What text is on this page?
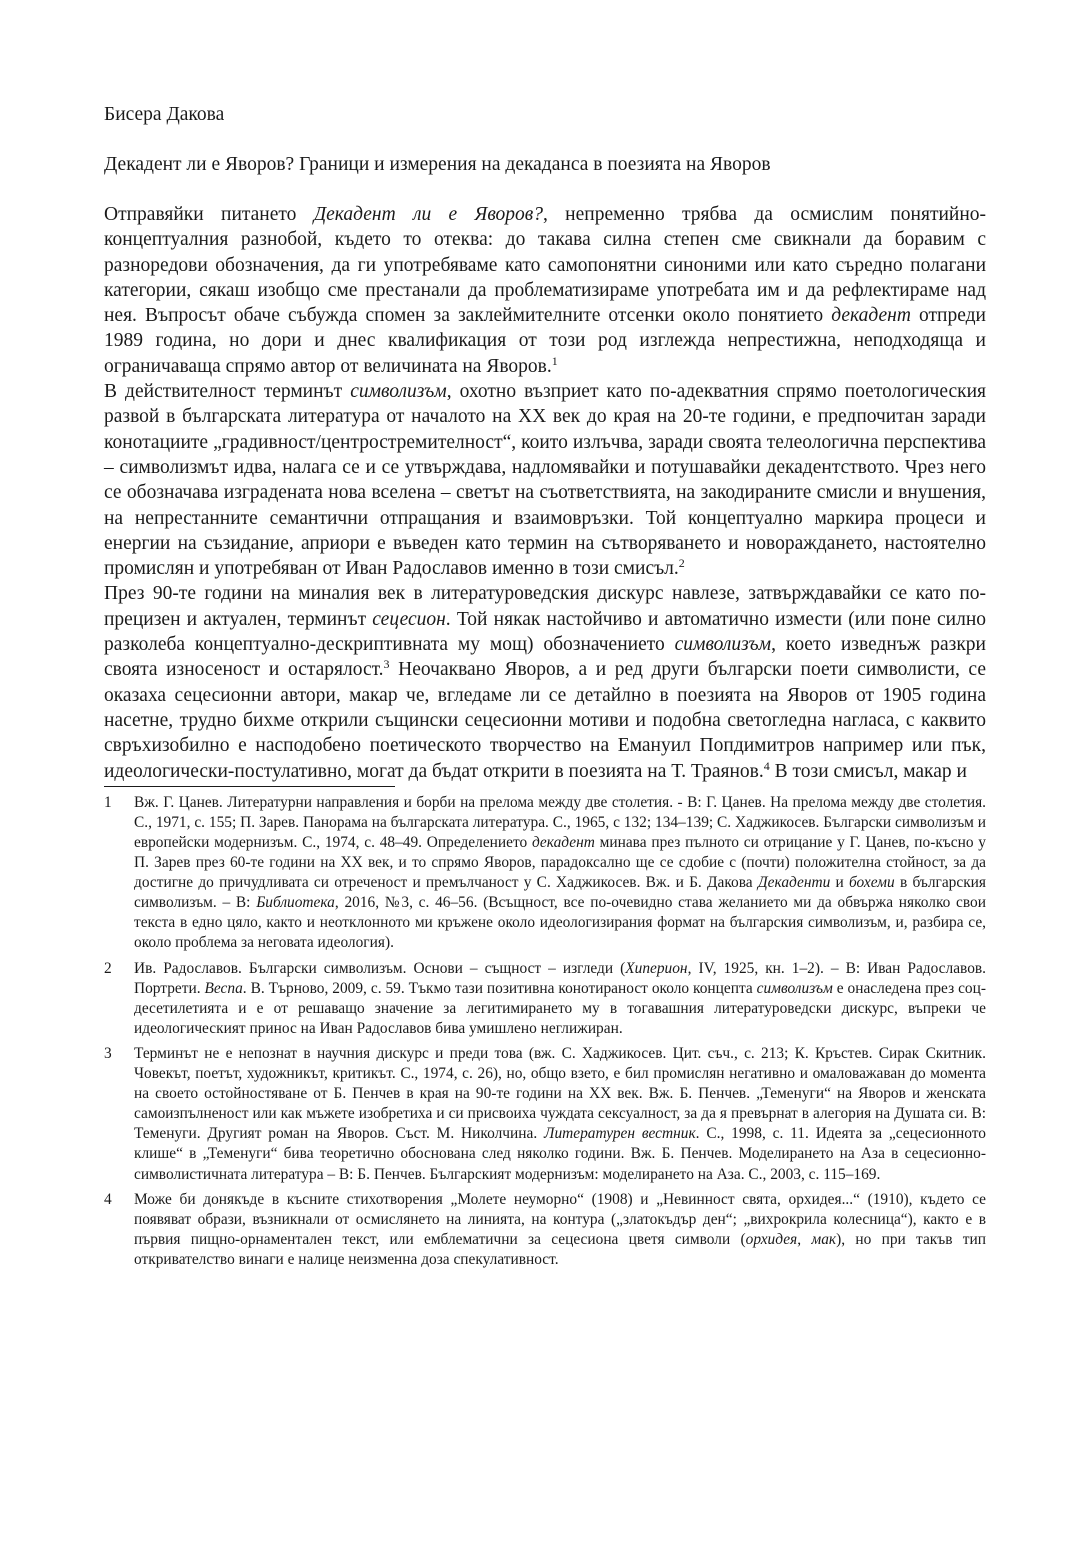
Бисера Дакова
Декадент ли е Яворов? Граници и измерения на декаданса в поезията на Яворов

Отправяйки питането Декадент ли е Яворов?, непременно трябва да осмислим понятийно-концептуалния разнобой, където то отеква: до такава силна степен сме свикнали да боравим с разноредови обозначения, да ги употребяваме като самопонятни синоними или като съредно полагани категории, сякаш изобщо сме престанали да проблематизираме употребата им и да рефлектираме над нея. Въпросът обаче събужда спомен за заклеймителните отсенки около понятието декадент отпреди 1989 година, но дори и днес квалификация от този род изглежда непрестижна, неподходяща и ограничаваща спрямо автор от величината на Яворов.$^1$

В действителност терминът символизъм, охотно възприет като по-адекватния спрямо поетологическия развой в българската литература от началото на XX век до края на 20-те години, е предпочитан заради конотациите „градивност/центростремителност“, които излъчва, заради своята телеологична перспектива – символизмът идва, налага се и се утвърждава, надломявайки и потушавайки декадентството. Чрез него се обозначава изградената нова вселена – светът на съответствията, на закодираните смисли и внушения, на непрестанните семантични отпращания и взаимовръзки. Той концептуално маркира процеси и енергии на съзидание, априори е въведен като термин на сътворяването и новораждането, настоятелно промислян и употребяван от Иван Радославов именно в този смисъл.$^2$

През 90-те години на миналия век в литературоведския дискурс навлезе, затвърждавайки се като по-прецизен и актуален, терминът сецесион. Той някак настойчиво и автоматично измести (или поне силно разколеба концептуално-дескриптивната му мощ) обозначението символизъм, което изведнъж разкри своята износеност и остарялост.$^3$ Неочаквано Яворов, а и ред други български поети символисти, се оказаха сецесионни автори, макар че, вгледаме ли се детайлно в поезията на Яворов от 1905 година насетне, трудно бихме открили същински сецесионни мотиви и подобна светогледна нагласа, с каквито свръхизобилно е насподобено поетическото творчество на Емануил Попдимитров например или пък, идеологически-постулативно, могат да бъдат открити в поезията на Т. Траянов.$^4$ В този смисъл, макар и

1	Вж. Г. Цанев. Литературни направления и борби на прелома между две столетия. - В: Г. Цанев. На прелома между две столетия. С., 1971, с. 155; П. Зарев. Панорама на българската литература. С., 1965, с 132; 134–139; С. Хаджикосев. Български символизъм и европейски модернизъм. С., 1974, с. 48–49. Определението декадент минава през пълното си отрицание у Г. Цанев, по-късно у П. Зарев през 60-те години на XX век, и то спрямо Яворов, парадоксално ще се сдобие с (почти) положителна стойност, за да достигне до причудливата си отреченост и премълчаност у С. Хаджикосев. Вж. и Б. Дакова Декаденти и бохеми в българския символизъм. – В: Библиотека, 2016, №3, с. 46–56. (Всъщност, все по-очевидно става желанието ми да обвържа няколко свои текста в едно цяло, както и неотклонното ми кръжене около идеологизирания формат на българския символизъм, и, разбира се, около проблема за неговата идеология).
2	Ив. Радославов. Български символизъм. Основи – същност – изгледи (Хиперион, IV, 1925, кн. 1–2). – В: Иван Радославов. Портрети. Веспа. В. Търново, 2009, с. 59. Тъкмо тази позитивна конотираност около концепта символизъм е онаследена през соц-десетилетията и е от решаващо значение за легитимирането му в тогавашния литературоведски дискурс, въпреки че идеологическият принос на Иван Радославов бива умишлено неглижиран.
3	Терминът не е непознат в научния дискурс и преди това (вж. С. Хаджикосев. Цит. съч., с. 213; К. Кръстев. Сирак Скитник. Човекът, поетът, художникът, критикът. С., 1974, с. 26), но, общо взето, е бил промислян негативно и омаловажаван до момента на своето остойностяване от Б. Пенчев в края на 90-те години на XX век. Вж. Б. Пенчев. „Теменуги“ на Яворов и женската самоизпълненост или как мъжете изобретиха и си присвоиха чуждата сексуалност, за да я превърнат в алегория на Душата си. В: Теменуги. Другият роман на Яворов. Съст. М. Николчина. Литературен вестник. С., 1998, с. 11. Идеята за „сецесионното клише“ в „Теменуги“ бива теоретично обоснована след няколко години. Вж. Б. Пенчев. Моделирането на Аза в сецесионно-символистичната литература – В: Б. Пенчев. Българският модернизъм: моделирането на Аза. С., 2003, с. 115–169.
4	Може би донякъде в късните стихотворения „Молете неуморно“ (1908) и „Невинност свята, орхидея...“ (1910), където се появяват образи, възникнали от осмислянето на линията, на контура („златокъдър ден“; „вихрокрила колесница“), както е в първия пищно-орнаментален текст, или емблематични за сецесиона цветя символи (орхидея, мак), но при такъв тип откривателство винаги е налице неизменна доза спекулативност.
